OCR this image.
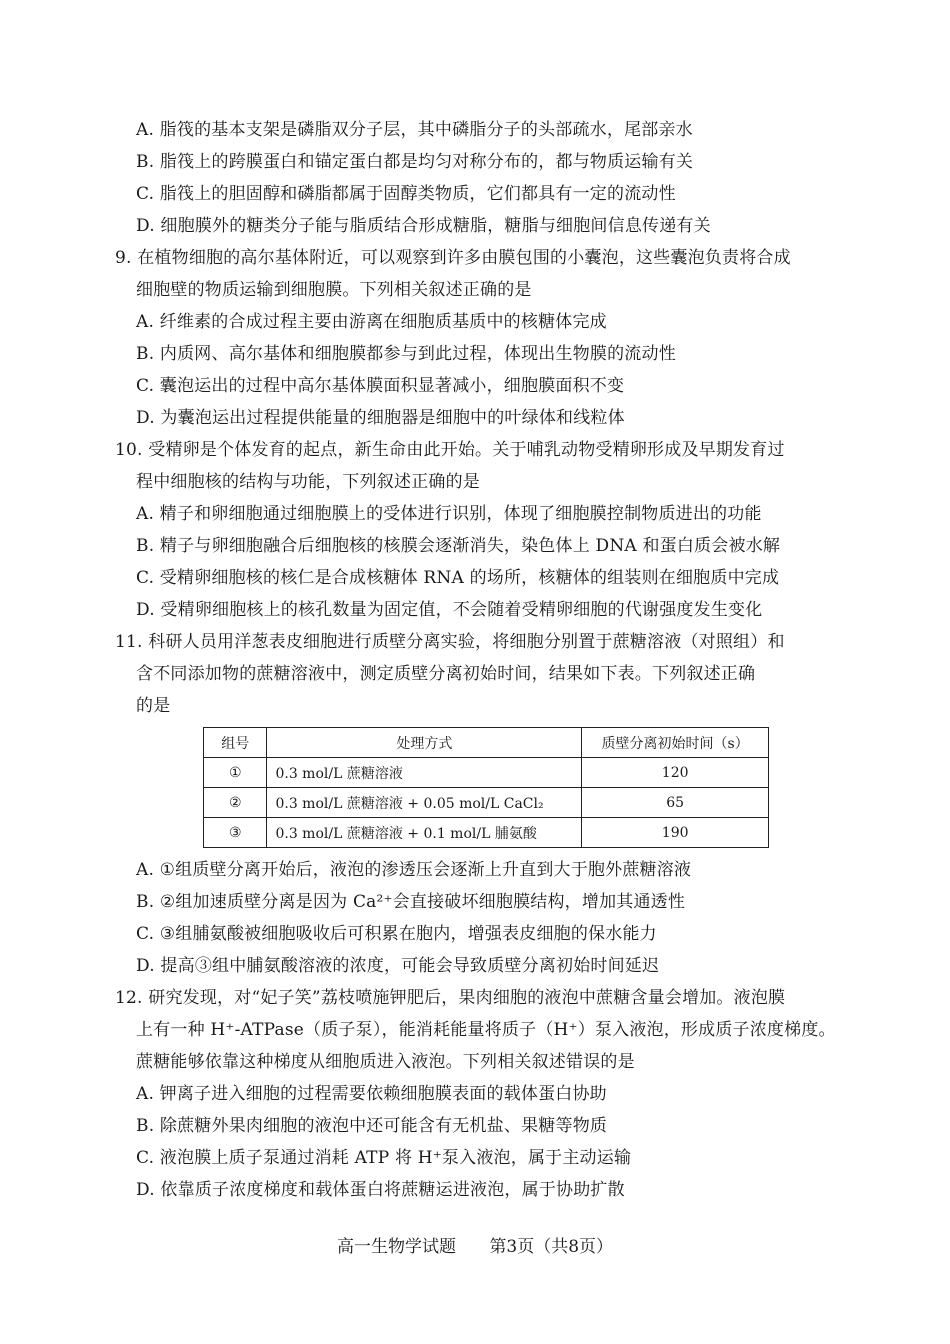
A. 脂筏的基本支架是磷脂双分子层，其中磷脂分子的头部疏水，尾部亲水
B. 脂筏上的跨膜蛋白和锚定蛋白都是均匀对称分布的，都与物质运输有关
C. 脂筏上的胆固醇和磷脂都属于固醇类物质，它们都具有一定的流动性
D. 细胞膜外的糖类分子能与脂质结合形成糖脂，糖脂与细胞间信息传递有关
9. 在植物细胞的高尔基体附近，可以观察到许多由膜包围的小囊泡，这些囊泡负责将合成
细胞壁的物质运输到细胞膜。下列相关叙述正确的是
A. 纤维素的合成过程主要由游离在细胞质基质中的核糖体完成
B. 内质网、高尔基体和细胞膜都参与到此过程，体现出生物膜的流动性
C. 囊泡运出的过程中高尔基体膜面积显著减小，细胞膜面积不变
D. 为囊泡运出过程提供能量的细胞器是细胞中的叶绿体和线粒体
10. 受精卵是个体发育的起点，新生命由此开始。关于哺乳动物受精卵形成及早期发育过
程中细胞核的结构与功能，下列叙述正确的是
A. 精子和卵细胞通过细胞膜上的受体进行识别，体现了细胞膜控制物质进出的功能
B. 精子与卵细胞融合后细胞核的核膜会逐渐消失，染色体上 DNA 和蛋白质会被水解
C. 受精卵细胞核的核仁是合成核糖体 RNA 的场所，核糖体的组装则在细胞质中完成
D. 受精卵细胞核上的核孔数量为固定值，不会随着受精卵细胞的代谢强度发生变化
11. 科研人员用洋葱表皮细胞进行质壁分离实验，将细胞分别置于蔗糖溶液（对照组）和
含不同添加物的蔗糖溶液中，测定质壁分离初始时间，结果如下表。下列叙述正确
的是
组号	处理方式	质壁分离初始时间（s）
①	0.3 mol/L 蔗糖溶液	120
②	0.3 mol/L 蔗糖溶液 + 0.05 mol/L CaCl₂	65
③	0.3 mol/L 蔗糖溶液 + 0.1 mol/L 脯氨酸	190
A. ①组质壁分离开始后，液泡的渗透压会逐渐上升直到大于胞外蔗糖溶液
B. ②组加速质壁分离是因为 Ca²⁺会直接破坏细胞膜结构，增加其通透性
C. ③组脯氨酸被细胞吸收后可积累在胞内，增强表皮细胞的保水能力
D. 提高③组中脯氨酸溶液的浓度，可能会导致质壁分离初始时间延迟
12. 研究发现，对“妃子笑”荔枝喷施钾肥后，果肉细胞的液泡中蔗糖含量会增加。液泡膜
上有一种 H⁺-ATPase（质子泵），能消耗能量将质子（H⁺）泵入液泡，形成质子浓度梯度。
蔗糖能够依靠这种梯度从细胞质进入液泡。下列相关叙述错误的是
A. 钾离子进入细胞的过程需要依赖细胞膜表面的载体蛋白协助
B. 除蔗糖外果肉细胞的液泡中还可能含有无机盐、果糖等物质
C. 液泡膜上质子泵通过消耗 ATP 将 H⁺泵入液泡，属于主动运输
D. 依靠质子浓度梯度和载体蛋白将蔗糖运进液泡，属于协助扩散
高一生物学试题 第3页（共8页）
